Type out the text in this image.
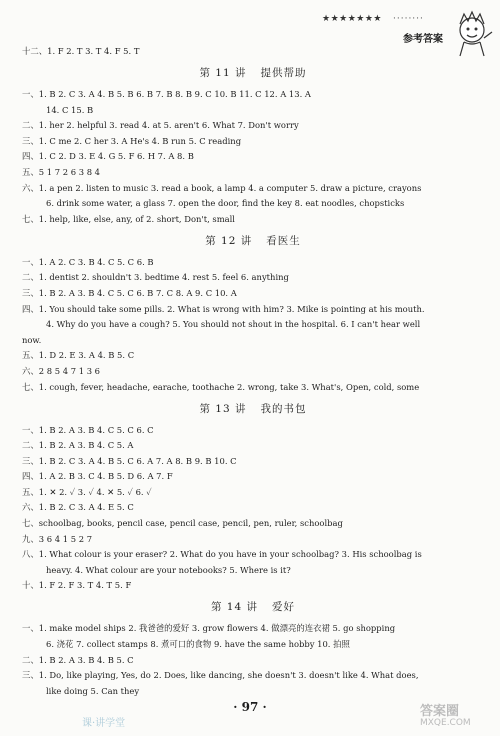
★★★★★★★ ········
参考答案
十二、1. F 2. T 3. T 4. F 5. T
第 11 讲 提供帮助
一、1. B 2. C 3. A 4. B 5. B 6. B 7. B 8. B 9. C 10. B 11. C 12. A 13. A
14. C 15. B
二、1. her 2. helpful 3. read 4. at 5. aren't 6. What 7. Don't worry
三、1. C me 2. C her 3. A He's 4. B run 5. C reading
四、1. C 2. D 3. E 4. G 5. F 6. H 7. A 8. B
五、5 1 7 2 6 3 8 4
六、1. a pen 2. listen to music 3. read a book, a lamp 4. a computer 5. draw a picture, crayons
6. drink some water, a glass 7. open the door, find the key 8. eat noodles, chopsticks
七、1. help, like, else, any, of 2. short, Don't, small
第 12 讲 看医生
一、1. A 2. C 3. B 4. C 5. C 6. B
二、1. dentist 2. shouldn't 3. bedtime 4. rest 5. feel 6. anything
三、1. B 2. A 3. B 4. C 5. C 6. B 7. C 8. A 9. C 10. A
四、1. You should take some pills. 2. What is wrong with him? 3. Mike is pointing at his mouth.
4. Why do you have a cough? 5. You should not shout in the hospital. 6. I can't hear well
now.
五、1. D 2. E 3. A 4. B 5. C
六、2 8 5 4 7 1 3 6
七、1. cough, fever, headache, earache, toothache 2. wrong, take 3. What's, Open, cold, some
第 13 讲 我的书包
一、1. B 2. A 3. B 4. C 5. C 6. C
二、1. B 2. A 3. B 4. C 5. A
三、1. B 2. C 3. A 4. B 5. C 6. A 7. A 8. B 9. B 10. C
四、1. A 2. B 3. C 4. B 5. D 6. A 7. F
五、1. ✕ 2. ✓ 3. ✓ 4. ✕ 5. ✓ 6. ✓
六、1. B 2. C 3. A 4. E 5. C
七、schoolbag, books, pencil case, pencil case, pencil, pen, ruler, schoolbag
九、3 6 4 1 5 2 7
八、1. What colour is your eraser? 2. What do you have in your schoolbag? 3. His schoolbag is
heavy. 4. What colour are your notebooks? 5. Where is it?
十、1. F 2. F 3. T 4. T 5. F
第 14 讲 爱好
一、1. make model ships 2. 我爸爸的爱好 3. grow flowers 4. 做漂亮的连衣裙 5. go shopping
6. 浇花 7. collect stamps 8. 煮可口的食物 9. have the same hobby 10. 拍照
二、1. B 2. A 3. B 4. B 5. C
三、1. Do, like playing, Yes, do 2. Does, like dancing, she doesn't 3. doesn't like 4. What does,
like doing 5. Can they
· 97 ·
课·讲学堂
答案圈
MXQE.COM
